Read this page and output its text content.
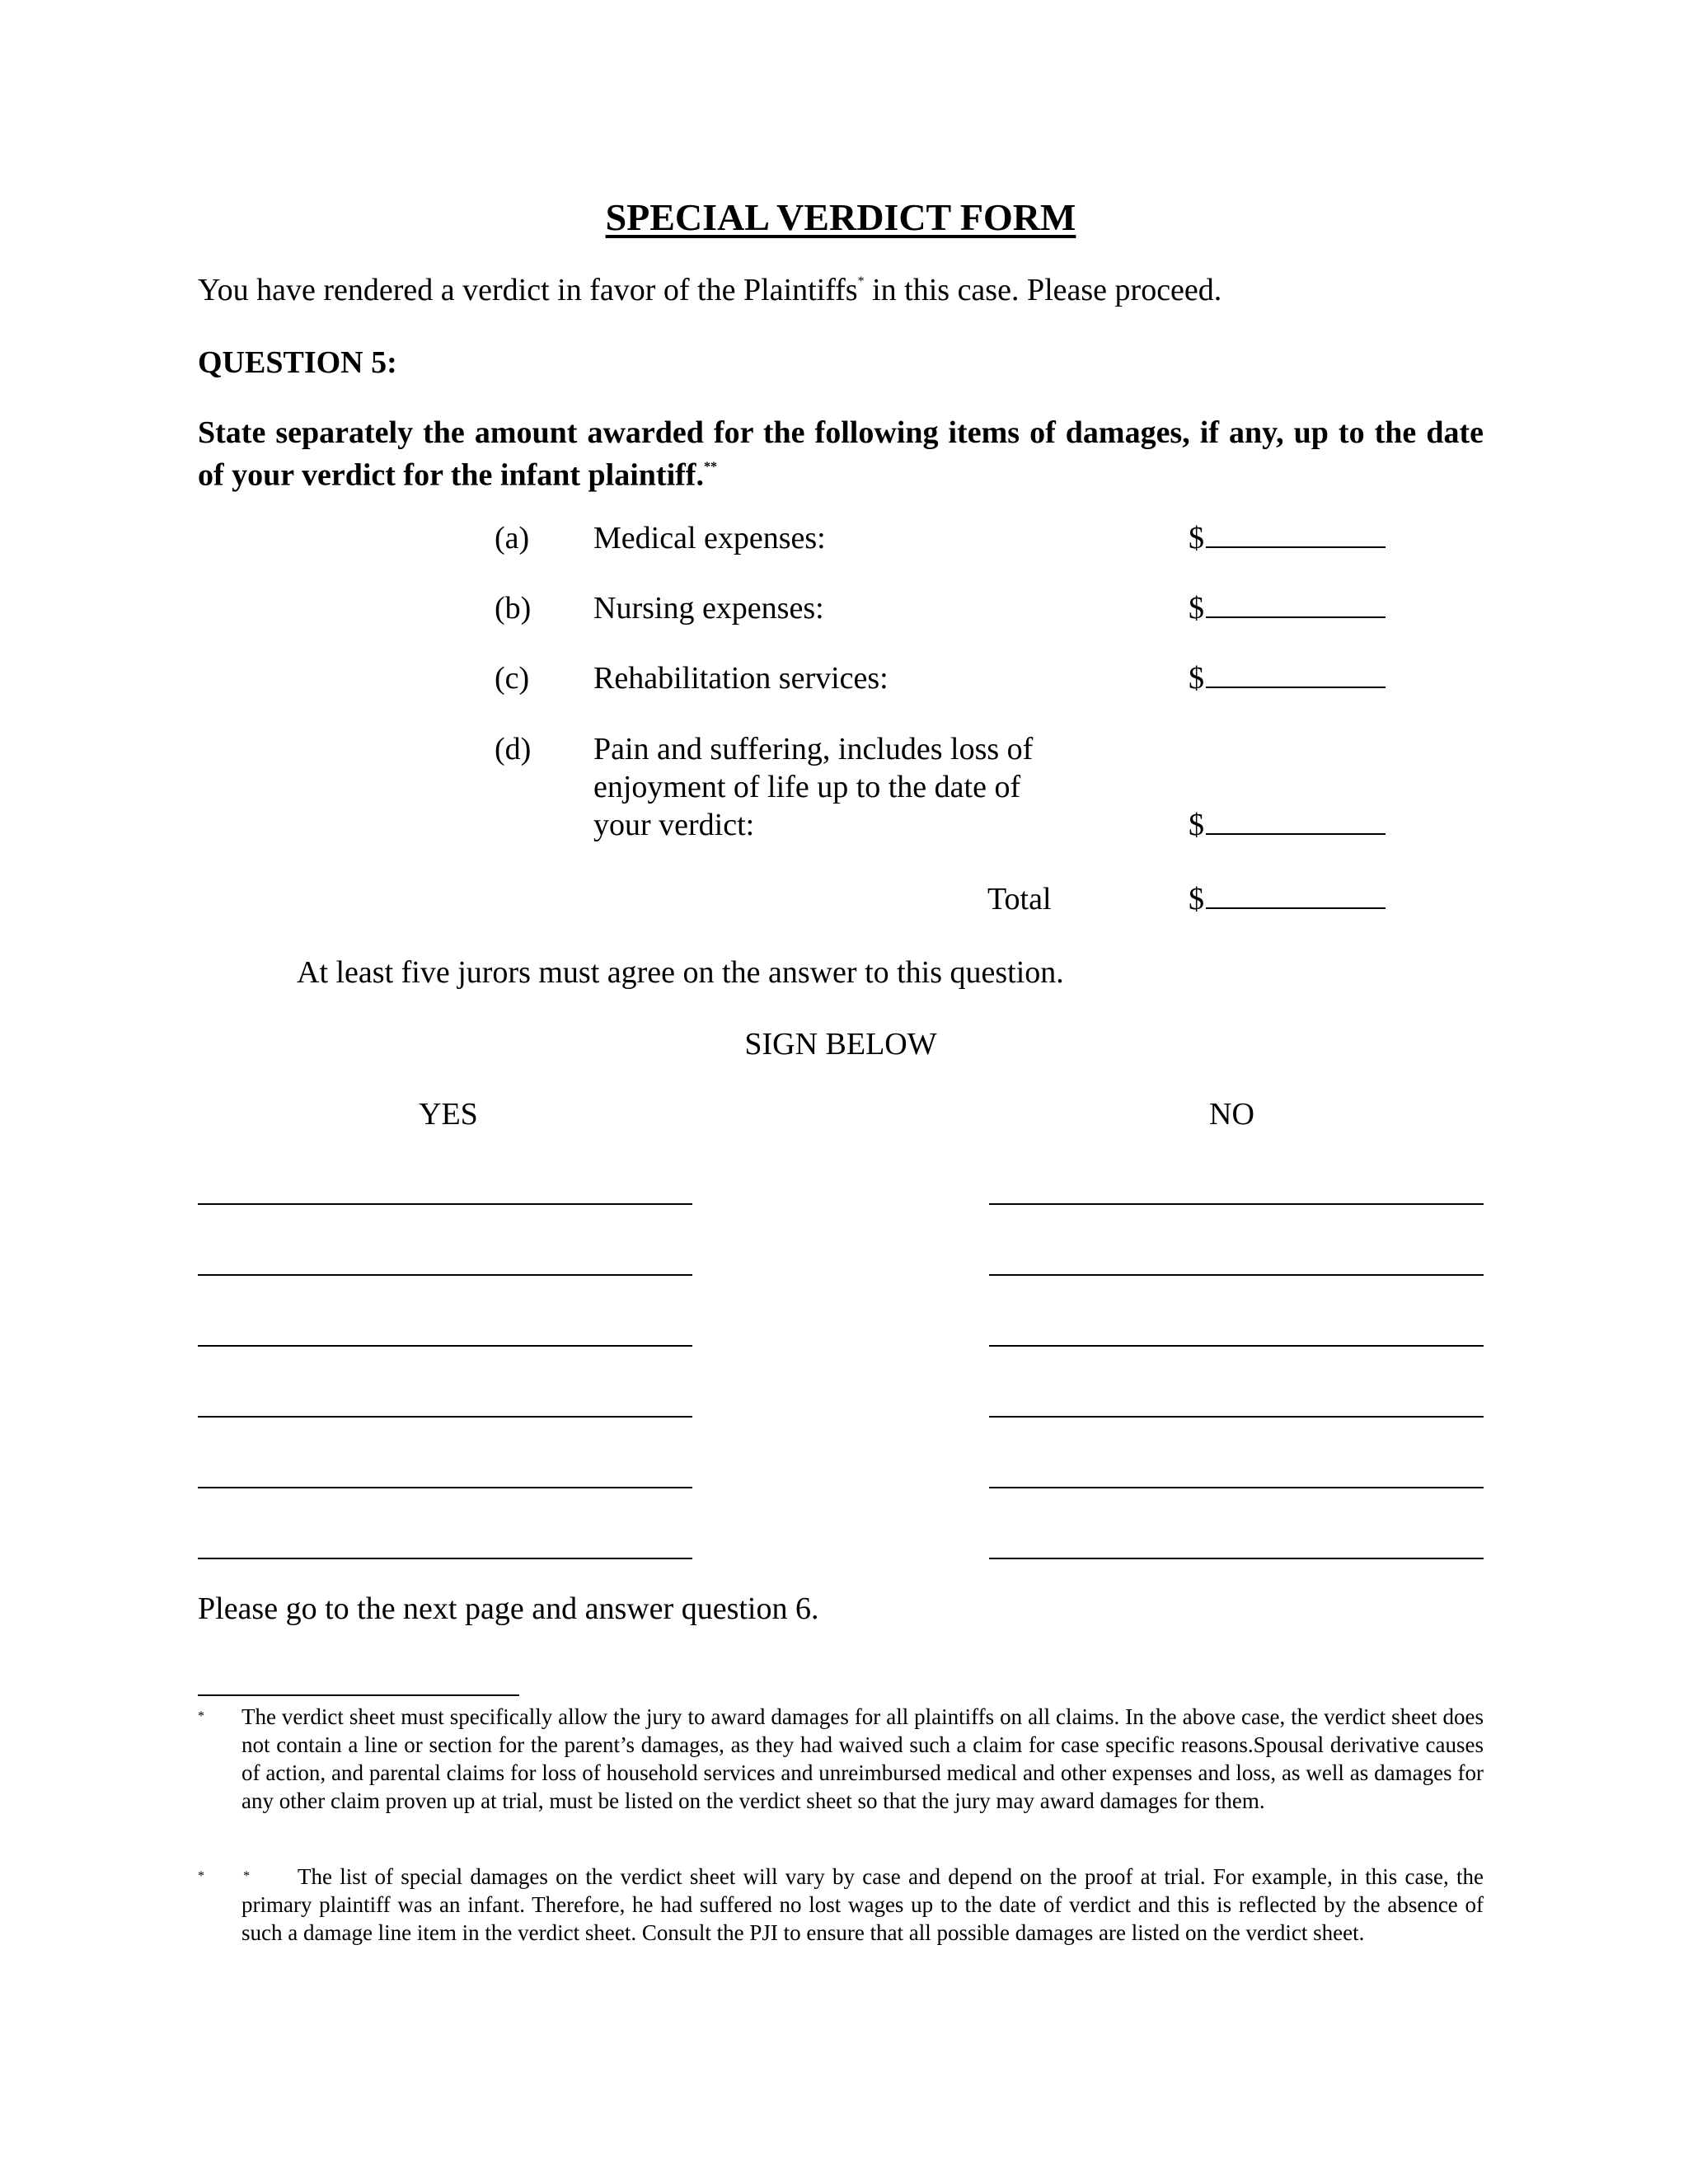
SPECIAL VERDICT FORM
You have rendered a verdict in favor of the Plaintiffs* in this case. Please proceed.
QUESTION 5:
State separately the amount awarded for the following items of damages, if any, up to the date of your verdict for the infant plaintiff.**
(a) Medical expenses:	$
(b) Nursing expenses:	$
(c) Rehabilitation services:	$
(d) Pain and suffering, includes loss of enjoyment of life up to the date of your verdict:	$
Total	$
At least five jurors must agree on the answer to this question.
SIGN BELOW
YES	NO
Please go to the next page and answer question 6.
* The verdict sheet must specifically allow the jury to award damages for all plaintiffs on all claims. In the above case, the verdict sheet does not contain a line or section for the parent’s damages, as they had waived such a claim for case specific reasons.Spousal derivative causes of action, and parental claims for loss of household services and unreimbursed medical and other expenses and loss, as well as damages for any other claim proven up at trial, must be listed on the verdict sheet so that the jury may award damages for them.
*	*	The list of special damages on the verdict sheet will vary by case and depend on the proof at trial. For example, in this case, the primary plaintiff was an infant. Therefore, he had suffered no lost wages up to the date of verdict and this is reflected by the absence of such a damage line item in the verdict sheet. Consult the PJI to ensure that all possible damages are listed on the verdict sheet.
